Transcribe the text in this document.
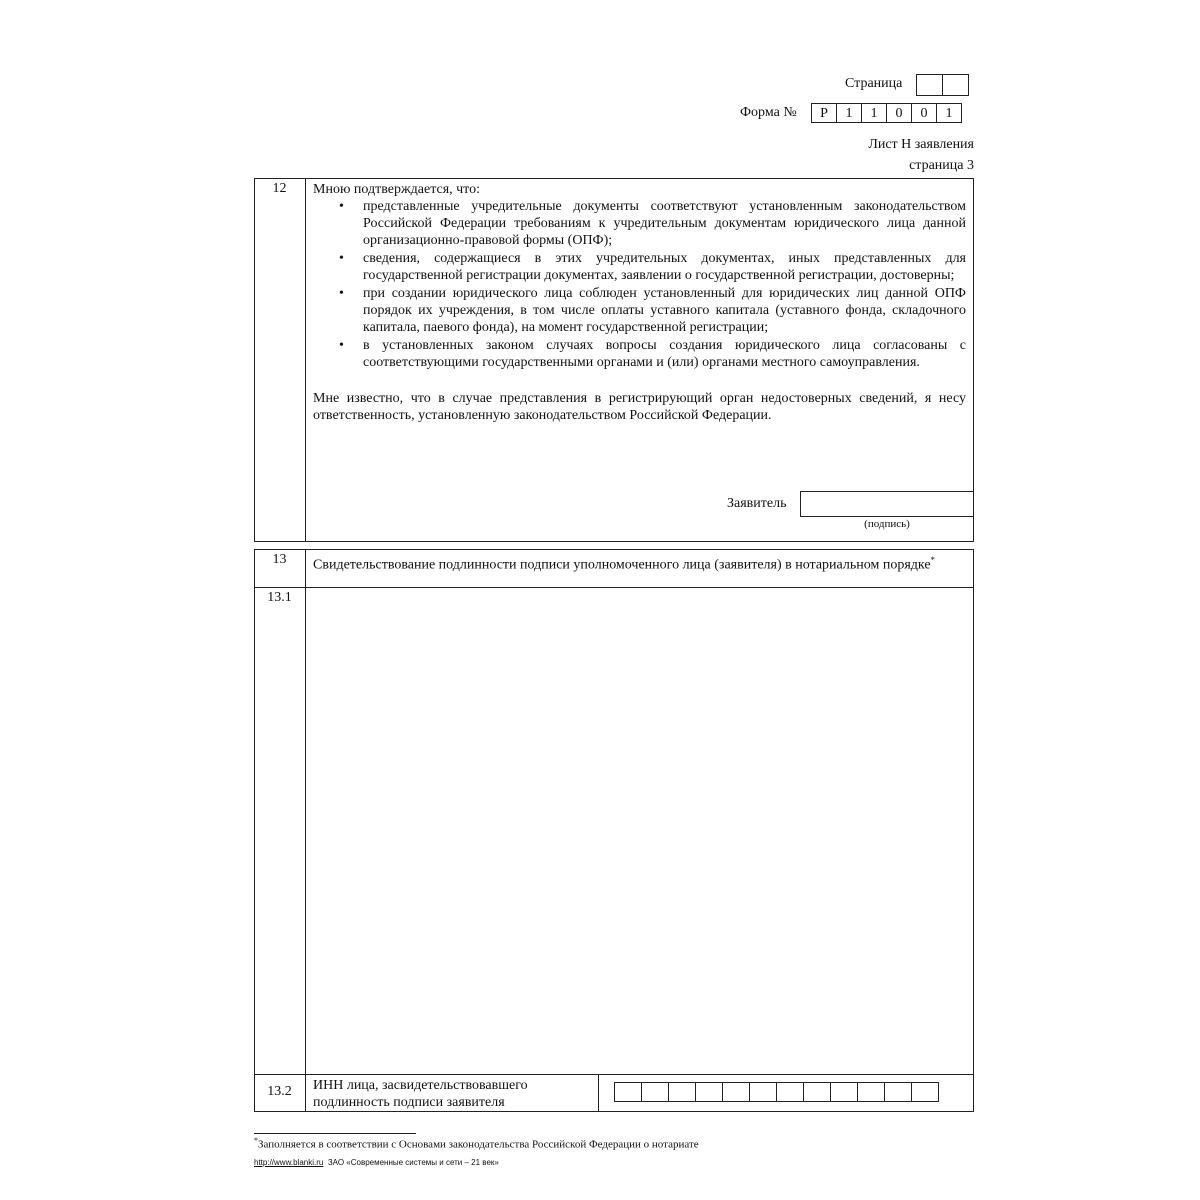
Страница
Форма №	Р 1 1 0 0 1
Лист Н заявления
страница 3
12	Мною подтверждается, что:
• представленные учредительные документы соответствуют установленным законодательством Российской Федерации требованиям к учредительным документам юридического лица данной организационно-правовой формы (ОПФ);
• сведения, содержащиеся в этих учредительных документах, иных представленных для государственной регистрации документах, заявлении о государственной регистрации, достоверны;
• при создании юридического лица соблюден установленный для юридических лиц данной ОПФ порядок их учреждения, в том числе оплаты уставного капитала (уставного фонда, складочного капитала, паевого фонда), на момент государственной регистрации;
• в установленных законом случаях вопросы создания юридического лица согласованы с соответствующими государственными органами и (или) органами местного самоуправления.
Мне известно, что в случае представления в регистрирующий орган недостоверных сведений, я несу ответственность, установленную законодательством Российской Федерации.
Заявитель
(подпись)
13	Свидетельствование подлинности подписи уполномоченного лица (заявителя) в нотариальном порядке*
13.1
13.2	ИНН лица, засвидетельствовавшего подлинность подписи заявителя
*Заполняется в соответствии с Основами законодательства Российской Федерации о нотариате
http://www.blanki.ru ЗАО «Современные системы и сети – 21 век»
